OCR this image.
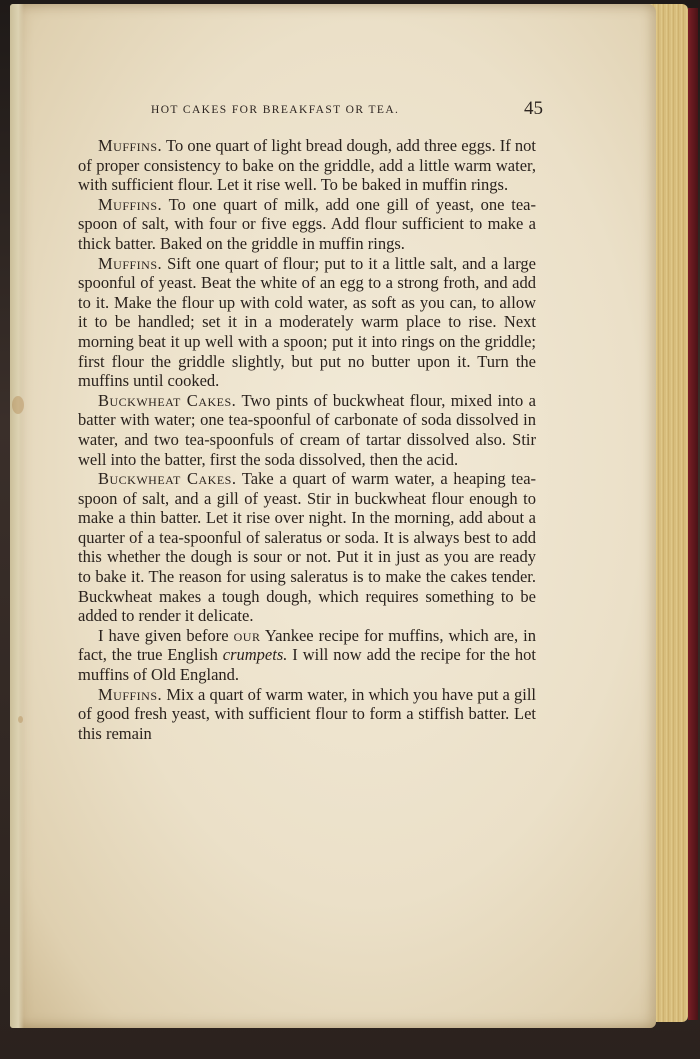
HOT CAKES FOR BREAKFAST OR TEA.	45

Muffins. To one quart of light bread dough, add three eggs. If not of proper consistency to bake on the griddle, add a little warm water, with sufficient flour. Let it rise well. To be baked in muffin rings.

Muffins. To one quart of milk, add one gill of yeast, one tea-spoon of salt, with four or five eggs. Add flour sufficient to make a thick batter. Baked on the griddle in muffin rings.

Muffins. Sift one quart of flour; put to it a little salt, and a large spoonful of yeast. Beat the white of an egg to a strong froth, and add to it. Make the flour up with cold water, as soft as you can, to allow it to be handled; set it in a moderately warm place to rise. Next morning beat it up well with a spoon; put it into rings on the griddle; first flour the griddle slightly, but put no butter upon it. Turn the muffins until cooked.

Buckwheat Cakes. Two pints of buckwheat flour, mixed into a batter with water; one tea-spoonful of carbonate of soda dissolved in water, and two tea-spoonfuls of cream of tartar dissolved also. Stir well into the batter, first the soda dissolved, then the acid.

Buckwheat Cakes. Take a quart of warm water, a heaping tea-spoon of salt, and a gill of yeast. Stir in buckwheat flour enough to make a thin batter. Let it rise over night. In the morning, add about a quarter of a tea-spoonful of saleratus or soda. It is always best to add this whether the dough is sour or not. Put it in just as you are ready to bake it. The reason for using saleratus is to make the cakes tender. Buckwheat makes a tough dough, which requires something to be added to render it delicate.

I have given before our Yankee recipe for muffins, which are, in fact, the true English crumpets. I will now add the recipe for the hot muffins of Old England.

Muffins. Mix a quart of warm water, in which you have put a gill of good fresh yeast, with sufficient flour to form a stiffish batter. Let this remain
